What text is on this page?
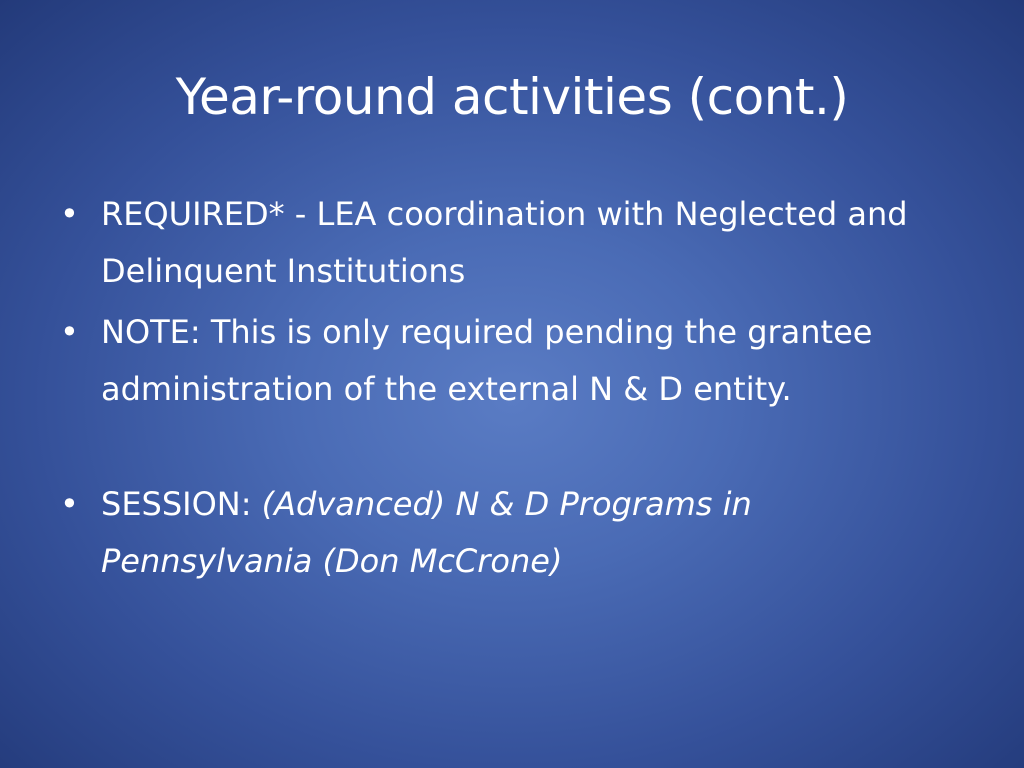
Year-round activities (cont.)
• REQUIRED* - LEA coordination with Neglected and Delinquent Institutions
• NOTE: This is only required pending the grantee administration of the external N & D entity.
• SESSION: (Advanced) N & D Programs in Pennsylvania (Don McCrone)
